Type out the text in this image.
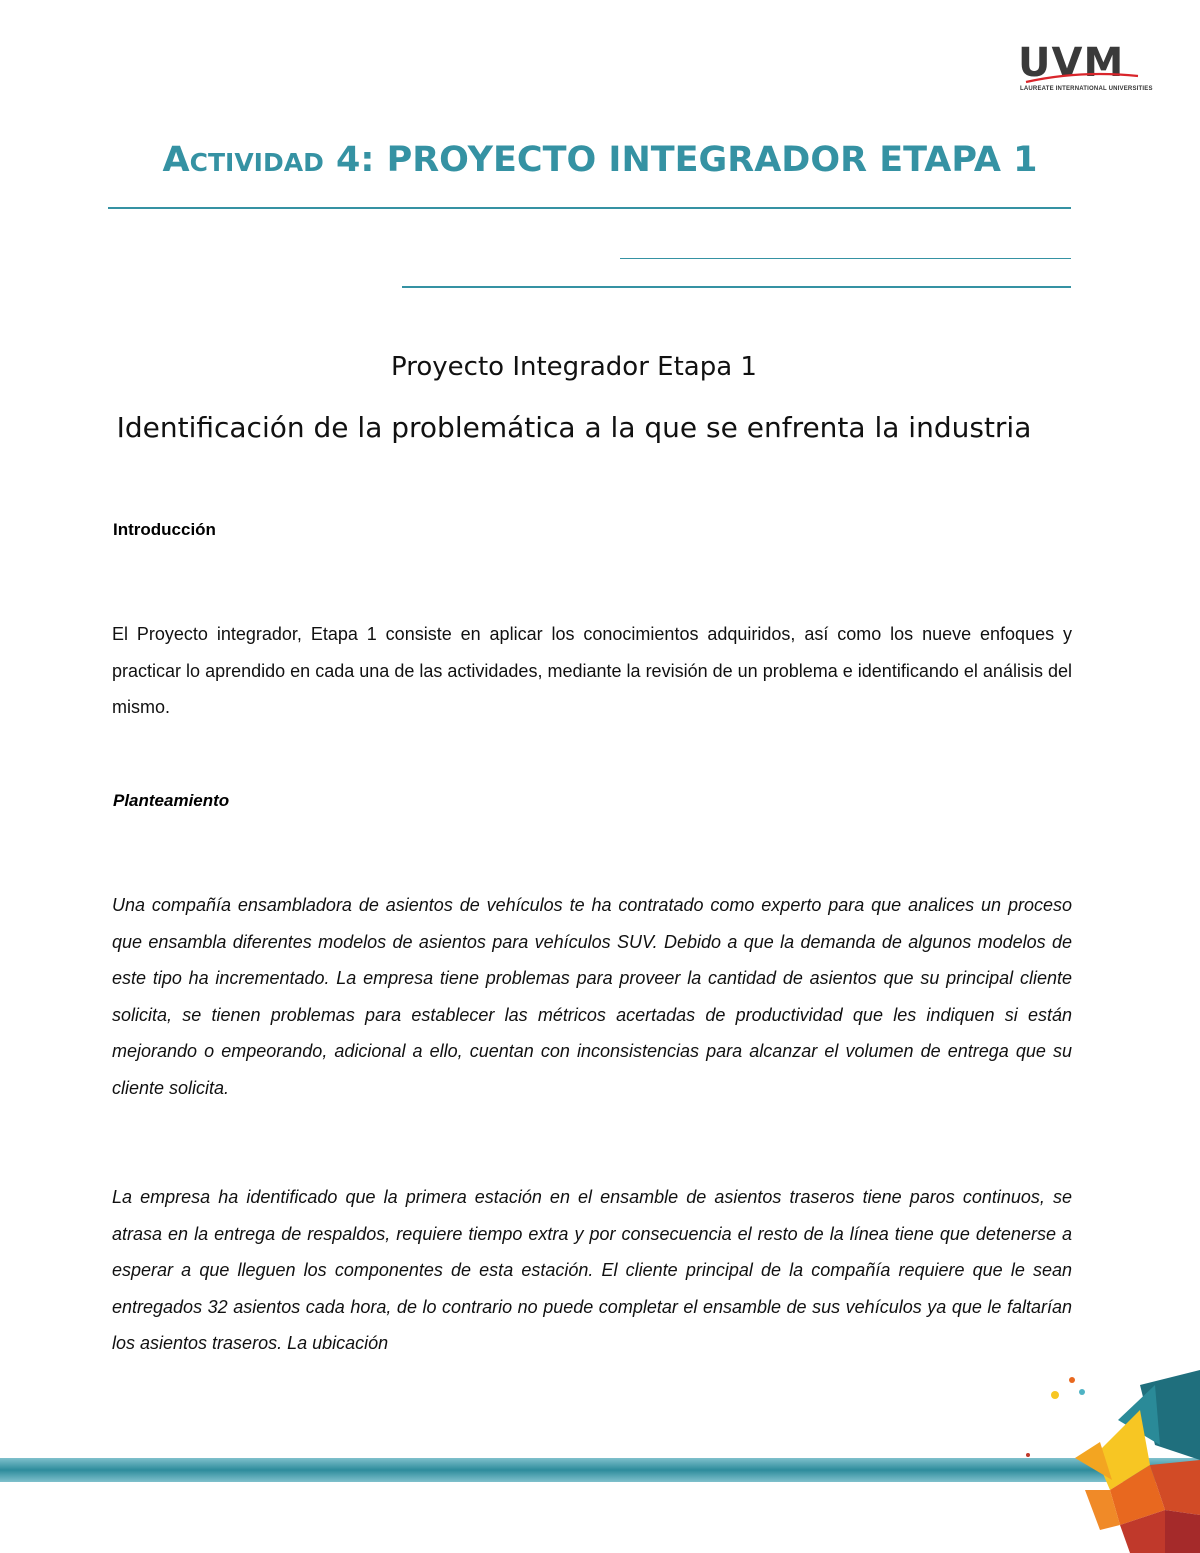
UVM
LAUREATE INTERNATIONAL UNIVERSITIES
Actividad 4: PROYECTO INTEGRADOR ETAPA 1

Proyecto Integrador Etapa 1

Identificación de la problemática a la que se enfrenta la industria

Introducción

El Proyecto integrador, Etapa 1 consiste en aplicar los conocimientos adquiridos, así como los nueve enfoques y practicar lo aprendido en cada una de las actividades, mediante la revisión de un problema e identificando el análisis del mismo.

Planteamiento

Una compañía ensambladora de asientos de vehículos te ha contratado como experto para que analices un proceso que ensambla diferentes modelos de asientos para vehículos SUV. Debido a que la demanda de algunos modelos de este tipo ha incrementado. La empresa tiene problemas para proveer la cantidad de asientos que su principal cliente solicita, se tienen problemas para establecer las métricos acertadas de productividad que les indiquen si están mejorando o empeorando, adicional a ello, cuentan con inconsistencias para alcanzar el volumen de entrega que su cliente solicita.

La empresa ha identificado que la primera estación en el ensamble de asientos traseros tiene paros continuos, se atrasa en la entrega de respaldos, requiere tiempo extra y por consecuencia el resto de la línea tiene que detenerse a esperar a que lleguen los componentes de esta estación. El cliente principal de la compañía requiere que le sean entregados 32 asientos cada hora, de lo contrario no puede completar el ensamble de sus vehículos ya que le faltarían los asientos traseros. La ubicación
